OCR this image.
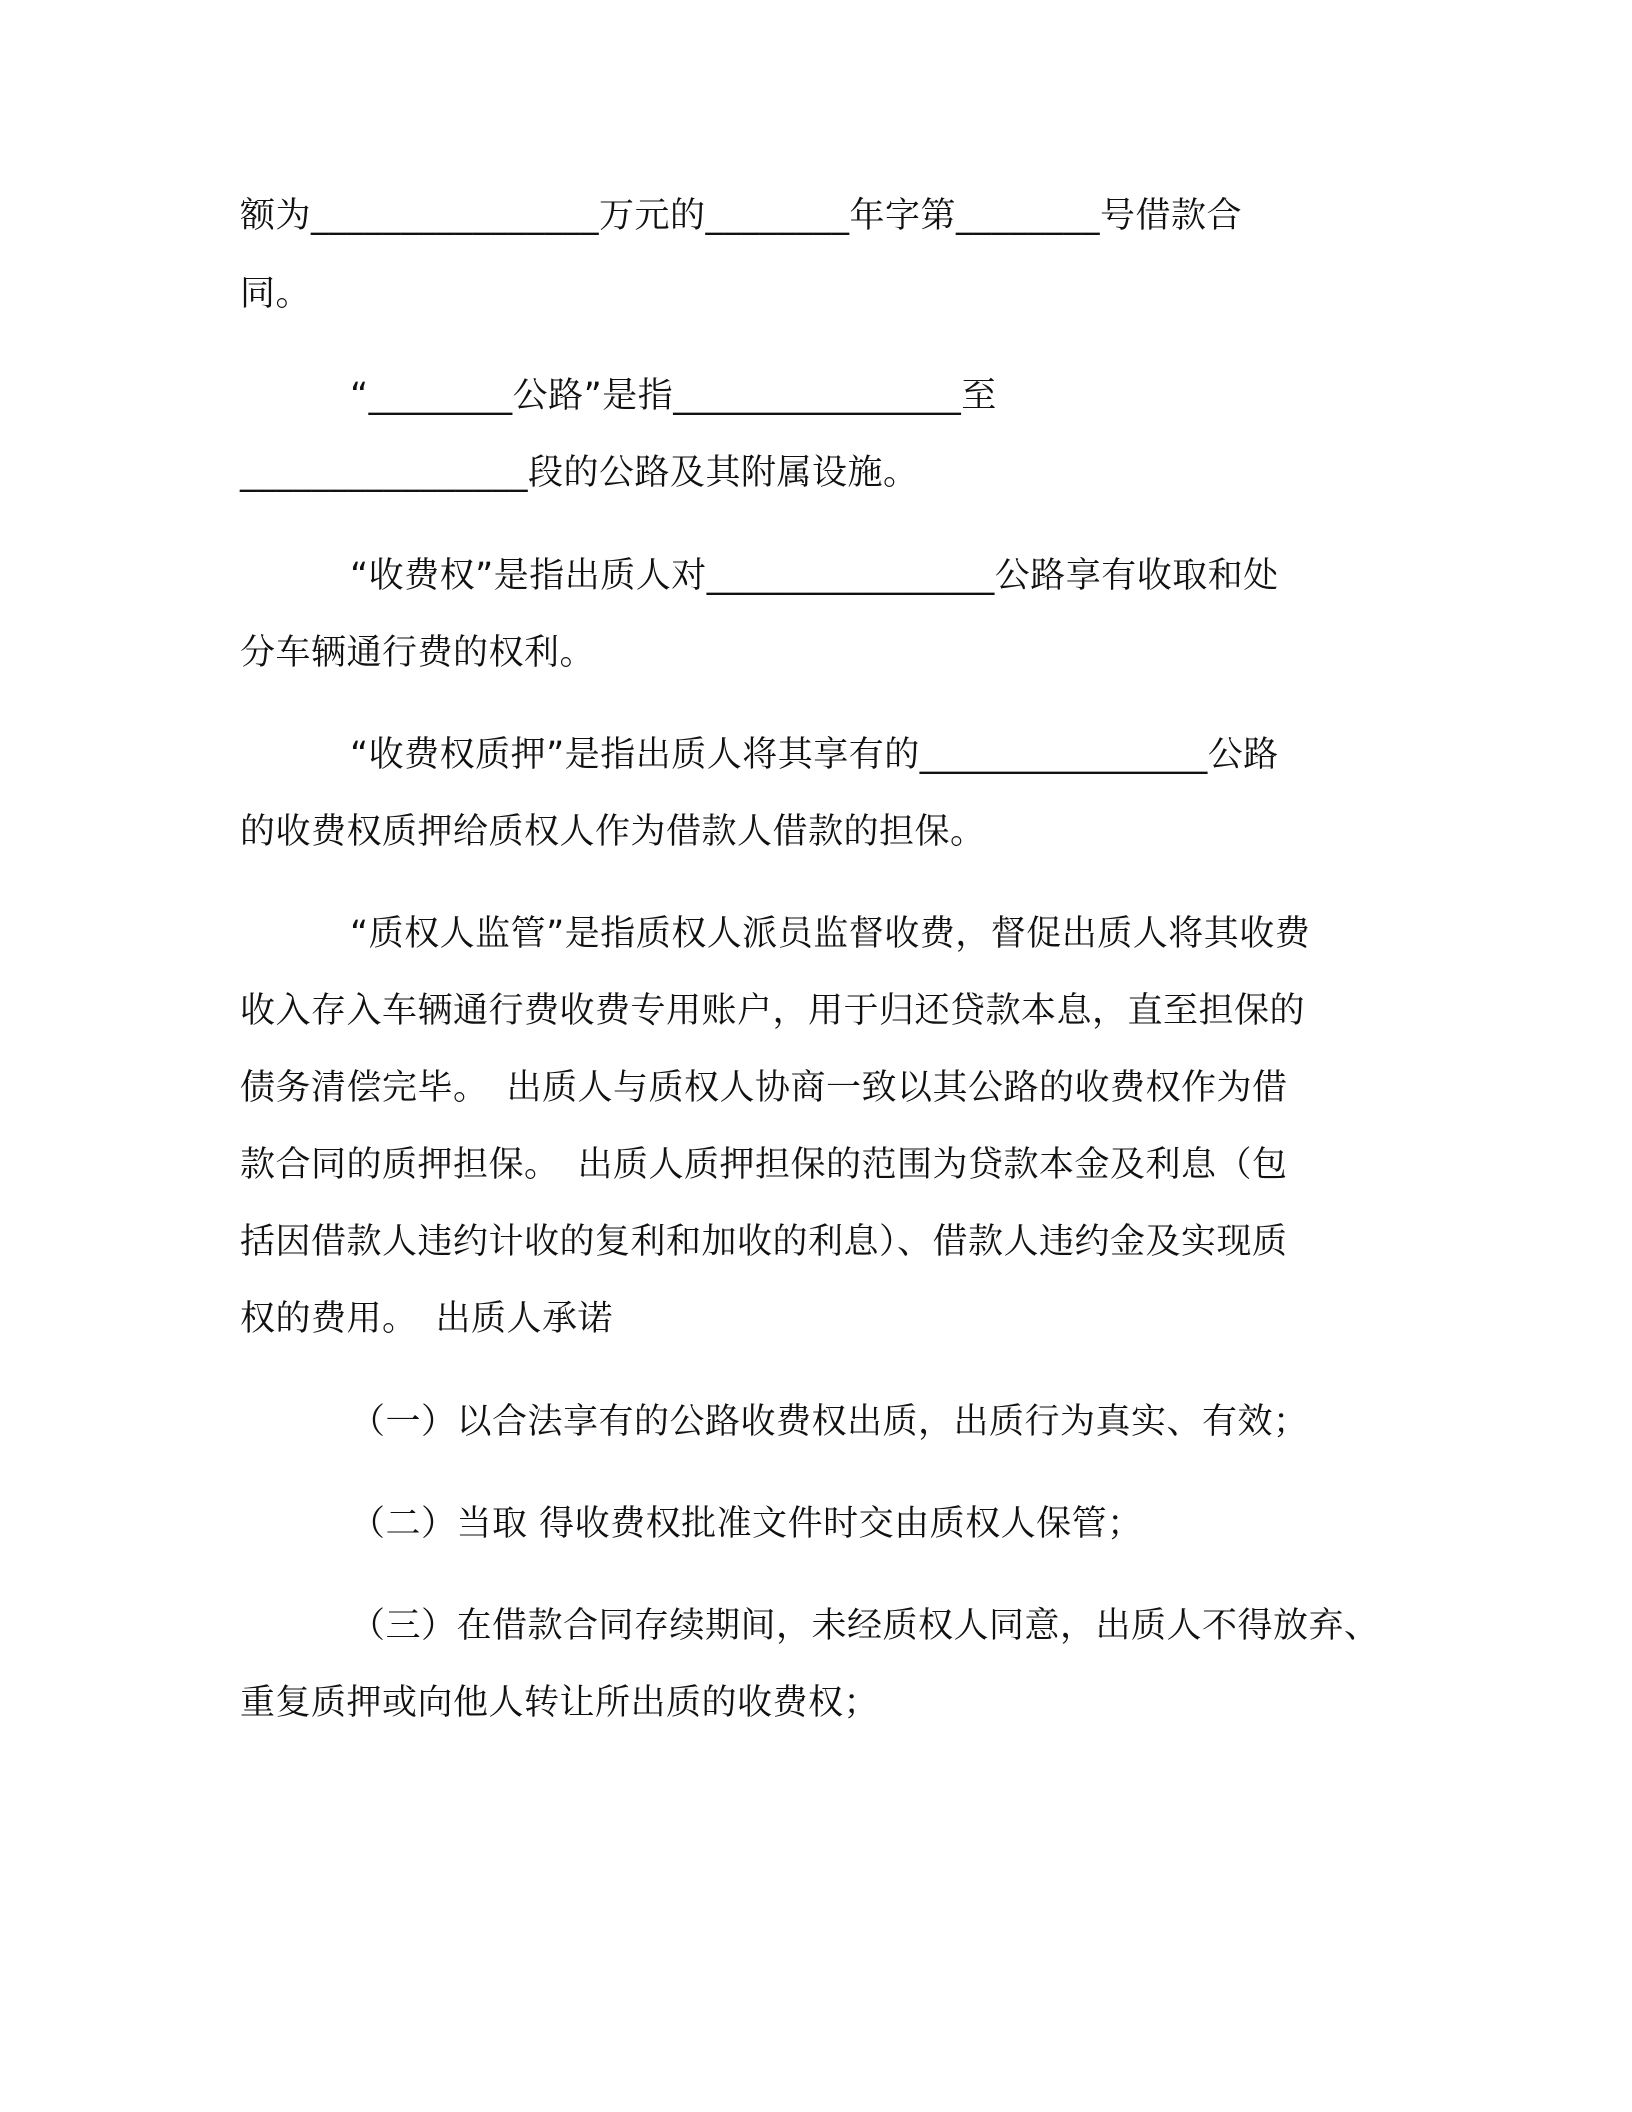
额为________________万元的________年字第________号借款合
同。
“________公路”是指________________至
________________段的公路及其附属设施。
“收费权”是指出质人对________________公路享有收取和处
分车辆通行费的权利。
“收费权质押”是指出质人将其享有的________________公路
的收费权质押给质权人作为借款人借款的担保。
“质权人监管”是指质权人派员监督收费，督促出质人将其收费
收入存入车辆通行费收费专用账户，用于归还贷款本息，直至担保的
债务清偿完毕。　出质人与质权人协商一致以其公路的收费权作为借
款合同的质押担保。　出质人质押担保的范围为贷款本金及利息（包
括因借款人违约计收的复利和加收的利息）、借款人违约金及实现质
权的费用。　出质人承诺
（一）以合法享有的公路收费权出质，出质行为真实、有效；
（二）当取 得收费权批准文件时交由质权人保管；
（三）在借款合同存续期间，未经质权人同意，出质人不得放弃、
重复质押或向他人转让所出质的收费权；
